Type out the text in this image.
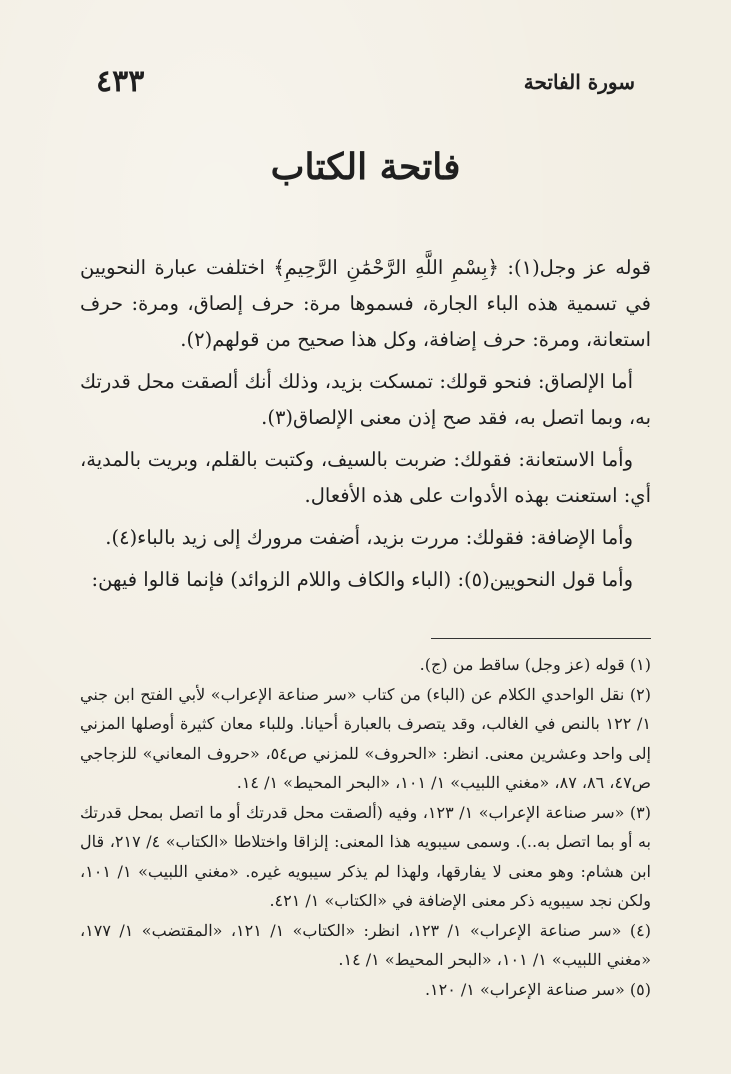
سورة الفاتحة
٤٣٣
فاتحة الكتاب

قوله عز وجل(١): ﴿بِسْمِ اللَّهِ الرَّحْمَٰنِ الرَّحِيمِ﴾ اختلفت عبارة النحويين في تسمية هذه الباء الجارة، فسموها مرة: حرف إلصاق، ومرة: حرف استعانة، ومرة: حرف إضافة، وكل هذا صحيح من قولهم(٢).

أما الإلصاق: فنحو قولك: تمسكت بزيد، وذلك أنك ألصقت محل قدرتك به، وبما اتصل به، فقد صح إذن معنى الإلصاق(٣).

وأما الاستعانة: فقولك: ضربت بالسيف، وكتبت بالقلم، وبريت بالمدية، أي: استعنت بهذه الأدوات على هذه الأفعال.

وأما الإضافة: فقولك: مررت بزيد، أضفت مرورك إلى زيد بالباء(٤).

وأما قول النحويين(٥): (الباء والكاف واللام الزوائد) فإنما قالوا فيهن:

(١) قوله (عز وجل) ساقط من (ج).

(٢) نقل الواحدي الكلام عن (الباء) من كتاب «سر صناعة الإعراب» لأبي الفتح ابن جني ١/ ١٢٢ بالنص في الغالب، وقد يتصرف بالعبارة أحيانا. وللباء معان كثيرة أوصلها المزني إلى واحد وعشرين معنى. انظر: «الحروف» للمزني ص٥٤، «حروف المعاني» للزجاجي ص٤٧، ٨٦، ٨٧، «مغني اللبيب» ١/ ١٠١، «البحر المحيط» ١/ ١٤.

(٣) «سر صناعة الإعراب» ١/ ١٢٣، وفيه (ألصقت محل قدرتك أو ما اتصل بمحل قدرتك به أو بما اتصل به..). وسمى سيبويه هذا المعنى: إلزاقا واختلاطا «الكتاب» ٤/ ٢١٧، قال ابن هشام: وهو معنى لا يفارقها، ولهذا لم يذكر سيبويه غيره. «مغني اللبيب» ١/ ١٠١، ولكن نجد سيبويه ذكر معنى الإضافة في «الكتاب» ١/ ٤٢١.

(٤) «سر صناعة الإعراب» ١/ ١٢٣، انظر: «الكتاب» ١/ ١٢١، «المقتضب» ١/ ١٧٧، «مغني اللبيب» ١/ ١٠١، «البحر المحيط» ١/ ١٤.

(٥) «سر صناعة الإعراب» ١/ ١٢٠.
